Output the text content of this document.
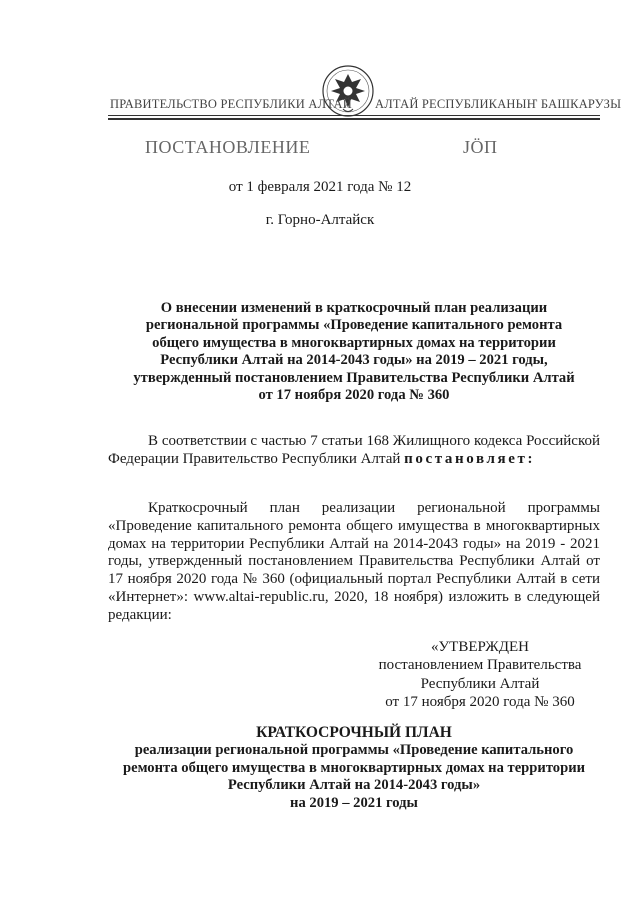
ПРАВИТЕЛЬСТВО РЕСПУБЛИКИ АЛТАЙ АЛТАЙ РЕСПУБЛИКАНЫҤ БАШКАРУЗЫ
ПОСТАНОВЛЕНИЕ	ЈӦП
от 1 февраля 2021 года № 12
г. Горно-Алтайск
О внесении изменений в краткосрочный план реализации
региональной программы «Проведение капитального ремонта
общего имущества в многоквартирных домах на территории
Республики Алтай на 2014-2043 годы» на 2019 – 2021 годы,
утвержденный постановлением Правительства Республики Алтай
от 17 ноября 2020 года № 360
В соответствии с частью 7 статьи 168 Жилищного кодекса Российской Федерации Правительство Республики Алтай постановляет:
Краткосрочный план реализации региональной программы «Проведение капитального ремонта общего имущества в многоквартирных домах на территории Республики Алтай на 2014-2043 годы» на 2019 - 2021 годы, утвержденный постановлением Правительства Республики Алтай от 17 ноября 2020 года № 360 (официальный портал Республики Алтай в сети «Интернет»: www.altai-republic.ru, 2020, 18 ноября) изложить в следующей редакции:
«УТВЕРЖДЕН
постановлением Правительства
Республики Алтай
от 17 ноября 2020 года № 360
КРАТКОСРОЧНЫЙ ПЛАН
реализации региональной программы «Проведение капитального
ремонта общего имущества в многоквартирных домах на территории
Республики Алтай на 2014-2043 годы»
на 2019 – 2021 годы
